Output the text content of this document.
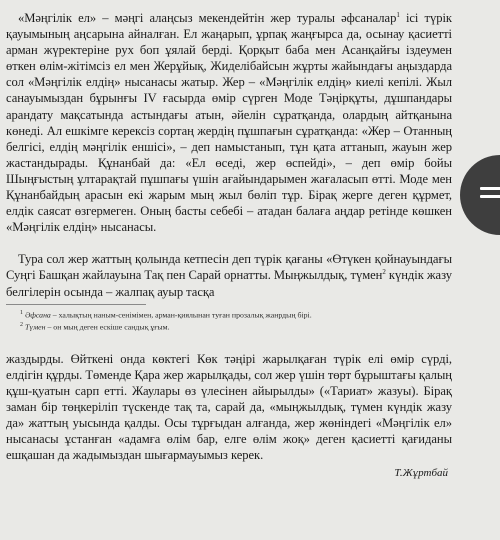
«Мәңгілік ел» – мәңгі алаңсыз мекендейтін жер туралы әфсаналар$^1$ ісі түрік қауымының аңсарына айналған. Ел жаңарып, ұрпақ жаңғырса да, осынау қасиетті арман жүректеріне рух боп ұялай берді. Қорқыт баба мен Асанқайғы іздеумен өткен өлім-жітімсіз ел мен Жерұйық, Жиделібайсын жұрты жайындағы аңыздарда сол «Мәңгілік елдің» нысанасы жатыр. Жер – «Мәңгілік елдің» киелі кепілі. Жыл санауымыздан бұрынғы IV ғасырда өмір сүрген Моде Тәңірқұты, дұшпандары арандату мақсатында астындағы атын, әйелін сұратқанда, олардың айтқанына көнеді. Ал ешкімге керексіз сортаң жердің пұшпағын сұратқанда: «Жер – Отанның белгісі, елдің мәңгілік еншісі», – деп намыстанып, тұн қата аттанып, жауын жер жастандырады. Құнанбай да: «Ел өседі, жер өспейді», – деп өмір бойы Шыңғыстың ұлтарақтай пұшпағы үшін ағайындарымен жағаласып өтті. Моде мен Құнанбайдың арасын екі жарым мың жыл бөліп тұр. Бірақ жерге деген құрмет, елдік саясат өзгермеген. Оның басты себебі – атадан балаға аңдар ретінде көшкен «Мәңгілік елдің» нысанасы.

Тура сол жер жаттың қолында кетпесін деп түрік қағаны «Өтүкен қойнауындағы Суңгі Башқан жайлауына Тақ пен Сарай орнатты. Мыңжылдық, түмен$^2$ күндік жазу белгілерін осында – жалпақ ауыр тасқа

$^1$ Әфсана – халықтың наным-сенімімен, арман-қиялынан туған прозалық жанрдың бірі.

$^2$ Түмен – он мың деген ескіше сандық ұғым.

жаздырды. Өйткені онда көктегі Көк тәңірі жарылқаған түрік елі өмір сүрді, елдігін құрды. Төменде Қара жер жарылқады, сол жер үшін төрт бұрыштағы қалың құш-қуатын сарп етті. Жаулары өз үлесінен айырылды» («Тариат» жазуы). Бірақ заман бір төңкеріліп түскенде тақ та, сарай да, «мыңжылдық, түмен күндік жазу да» жаттың уысында қалды. Осы тұрғыдан алғанда, жер жөніндегі «Мәңгілік ел» нысанасы ұстанған «адамға өлім бар, елге өлім жоқ» деген қасиетті қағиданы ешқашан да жадымыздан шығармауымыз керек.

Т.Жұртбай
